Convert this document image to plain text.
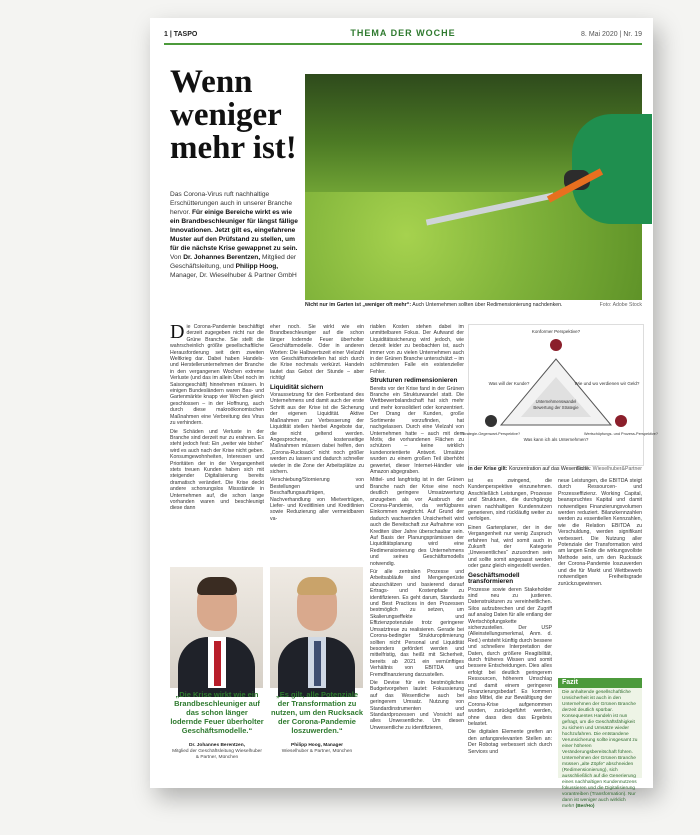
1 | TASPO	THEMA DER WOCHE	8. Mai 2020 | Nr. 19
Wenn weniger mehr ist!

Das Corona-Virus ruft nachhaltige Erschütterungen auch in unserer Branche hervor. Für einige Bereiche wirkt es wie ein Brandbeschleuniger für längst fällige Innovationen. Jetzt gilt es, eingefahrene Muster auf den Prüfstand zu stellen, um für die nächste Krise gewappnet zu sein. Von Dr. Johannes Berentzen, Mitglied der Geschäftsleitung, und Philipp Hoog, Manager, Dr. Wieselhuber & Partner GmbH

Nicht nur im Garten ist „weniger oft mehr“: Auch Unternehmen sollten über Redimensionierung nachdenken.	Foto: Adobe Stock

Die Corona-Pandemie beschäftigt derzeit zugegeben nicht nur die Grüne Branche. Sie stellt die wahrscheinlich größte gesellschaftliche Herausforderung seit dem zweiten Weltkrieg dar. Dabei haben Handels- und Herstellerunternehmen der Branche in den vergangenen Wochen extreme Verluste (und das im allein Übel noch im Saisongeschäft) hinnehmen müssen. In einigen Bundesländern waren Bau- und Gartenmärkte knapp vier Wochen gleich geschlossen – in der Hoffnung, auch durch diese makroökonomischen Maßnahmen eine Verbreitung des Virus zu verhindern.

Die Schäden und Verluste in der Branche sind derzeit nur zu erahnen. Es steht jedoch fest: Ein „weiter wie bisher“ wird es auch nach der Krise nicht geben. Konsumgewohnheiten, Interessen und Prioritäten der in der Vergangenheit stets treuen Kunden haben sich mit steigender Digitalisierung bereits dramatisch verändert. Die Krise deckt andere schonungslos Missstände in Unternehmen auf, die schon lange vorhanden waren und beschleunigt diese dann

eher noch. Sie wirkt wie ein Brandbeschleuniger auf die schon länger lodernde Feuer überholter Geschäftsmodelle. Oder in anderen Worten: Die Halbwertszeit einer Vielzahl von Geschäftsmodellen hat sich durch die Krise nochmals verkürzt. Handeln lautet das Gebot der Stunde – aber richtig!

Liquidität sichern

Voraussetzung für den Fortbestand des Unternehmens und damit auch der erste Schritt aus der Krise ist die Sicherung der eigenen Liquidität. Aktive Maßnahmen zur Verbesserung der Liquidität stellen hierbei Angebote dar, die nicht geltend werden. Angesprochene, kostenseitige Maßnahmen müssen dabei helfen, den „Corona-Rucksack“ nicht noch größer werden zu lassen und dadurch schneller wieder in die Zone der Arbeitsplätze zu sichern.

Verschiebung/Stornierung von Bestellungen und Beschaffungsaufträgen, Nachverhandlung von Mietverträgen, Liefer- und Kreditlinien und Kreditlinien sowie Reduzierung aller vermeidbaren va-

riablen Kosten stehen dabei im unmittelbaren Fokus. Der Aufwand der Liquiditätssicherung wird jedoch, wie derzeit leider zu beobachten ist, auch immer von zu vielen Unternehmen auch in der Grünen Branche unterschätzt – im schlimmsten Falle ein existenzieller Fehler.

Strukturen redimensionieren

Bereits vor der Krise fand in der Grünen Branche ein Strukturwandel statt. Die Wettbewerbslandschaft hat sich mehr und mehr konsolidiert oder konzentriert. Der Drang der Kunden, große Sortimente vorzufinden, hat nachgelassen. Durch eine Vielzahl von Unternehmen hatte – auch mit dem Motiv, die vorhandenen Flächen zu schützen – keine wirklich kundenorientierte Antwort. Umsätze wurden zu einem großen Teil überhöht gewertet, dieser Internet-Händler wie Amazon abgegraben.

Mittel- und langfristig ist in der Grünen Branche nach der Krise eine noch deutlich geringere Umsatzwertung anzugeben als vor Ausbruch der Corona-Pandemie, da verfügbares Einkommen wegbricht. Auf Grund der dadurch wachsenden Unsicherheit wird auch die Bereitschaft zur Aufnahme von Krediten über Jahre überschaubar sein. Auf Basis der Planungsprämissen der Liquiditätsplanung wird eine Redimensionierung des Unternehmens und seines Geschäftsmodells notwendig.

Für alle zentralen Prozesse und Arbeitsabläufe sind Mengengerüste abzuschätzen und basierend darauf Ertrags- und Kostenpfade zu identifizieren. Es geht darum, Standards und Best Practices in den Prozessen bestmöglich zu setzen, um Skalierungseffekte und Effizienzpotenziale trotz geringerer Umsatztreue zu realisieren. Gerade bei Corona-bedingter Strukturoptimierung sollten nicht Personal und Liquidität besonders gefördert werden und mittelfristig, das heißt mit Sicherheit, bereits ab 2021 ein vernünftiges Verhältnis von EBITDA und Fremdfinanzierung darzustellen.

Die Devise für ein bestmögliches Budgetvorgehen lautet: Fokussierung auf das Wesentliche auch bei geringerem Umsatz. Nutzung von Standardinstrumenten und Standardprozessen und Vorsicht auf alles Unwesentliche. Um diesen Unwesentliche zu identifizieren,

Konformer Perspektive?
Was will der Kunde?	Wie und wo verdienen wir Geld?
Unternehmenswandel
Bewertung der Strategie
Was kann ich als Unternehmen?
Strategie-Gegenwart-Perspektive?	Wertschöpfungs- und Prozess-Perspektive?
In der Krise gilt: Konzentration auf das Wesentliche.
Grafik: Wieselhuber&Partner

ist es zwingend, die Kundenperspektive einzunehmen. Anschließlich Leistungen, Prozesse und Strukturen, die durchgängig einen nachhaltigen Kundennutzen generieren, sind rückläufig weiter zu verfolgen.

Einen Gartenplaner, der in der Vergangenheit nur wenig Zuspruch erfahren hat, wird somit auch in Zukunft der Kategorie „Unwesentliches“ zuzuordnen sein und sollte somit angepasst werden oder ganz gleich eingestellt werden.

Geschäftsmodell transformieren

Prozesse sowie deren Stakeholder sind neu zu justieren. Datenstrukturen zu vereinheitlichen. Silos aufzubrechen und der Zugriff auf analog Daten für alle entlang der Wertschöpfungskette sicherzustellen. Der USP (Alleinstellungsmerkmal, Anm. d. Red.) entsteht künftig durch bessere und schnellere Interpretation der Daten, durch größere Reagibilität, durch früheres Wissen und somit bessere Entscheidungen. Dies alles erfolgt bei deutlich geringerem Ressourcen, höherem Umschlag und damit einem geringeren Finanzierungsbedarf. Es kommen also Mittel, die zur Bewältigung der Corona-Krise aufgenommen wurden, zurückgeführt werden, ohne dass dies das Ergebnis belastet.

Die digitalen Elemente greifen an den anfangsrelevanten Stellen an: Der Robotag verbessert sich durch Services und

neue Leistungen, die EBITDA steigt durch Ressourcen- und Prozesseffizienz. Working Capital, beanspruchtes Kapital und damit notwendiges Finanzierungsvolumen werden reduziert. Bilanzkennzahlen werden zu essentiellen Kennzahlen, wie die Relation EBITDA zu Verschuldung, werden signifikant verbessert. Die Nutzung aller Potenziale der Transformation wird am langen Ende die wirkungsvollste Methode sein, um den Rucksack der Corona-Pandemie loszuwerden und die für Markt und Wettbewerb notwendigen Freiheitsgrade zurückzugewinnen.

„Die Krise wirkt wie ein Brandbeschleuniger auf das schon länger lodernde Feuer überholter Geschäftsmodelle.“

Dr. Johannes Berentzen,
Mitglied der Geschäftsleitung Wieselhuber & Partner, München

„Es gilt, alle Potenziale der Transformation zu nutzen, um den Rucksack der Corona-Pandemie loszuwerden.“

Philipp Hoog, Manager
Wieselhuber & Partner, München

Fazit

Die anhaltende gesellschaftliche Unsicherheit ist auch in den Unternehmen der Grünen Branche derzeit deutlich spürbar. Konsequentes Handeln ist nun gefragt, um die Geschäftsfähigkeit zu sichern und Umsätze wieder hochzufahren. Die entstandene Verunsicherung sollte insgesamt zu einer höheren Veränderungsbereitschaft führen. Unternehmen der Grünen Branche müssen „alte Zöpfe“ abschneiden (Redimensionierung), sich ausschließlich auf die Generierung eines nachhaltigen Kundennutzens fokussieren und die Digitalisierung vorantreiben (Transformation). Nur dann ist weniger auch wirklich mehr! (Ber/Ho)
